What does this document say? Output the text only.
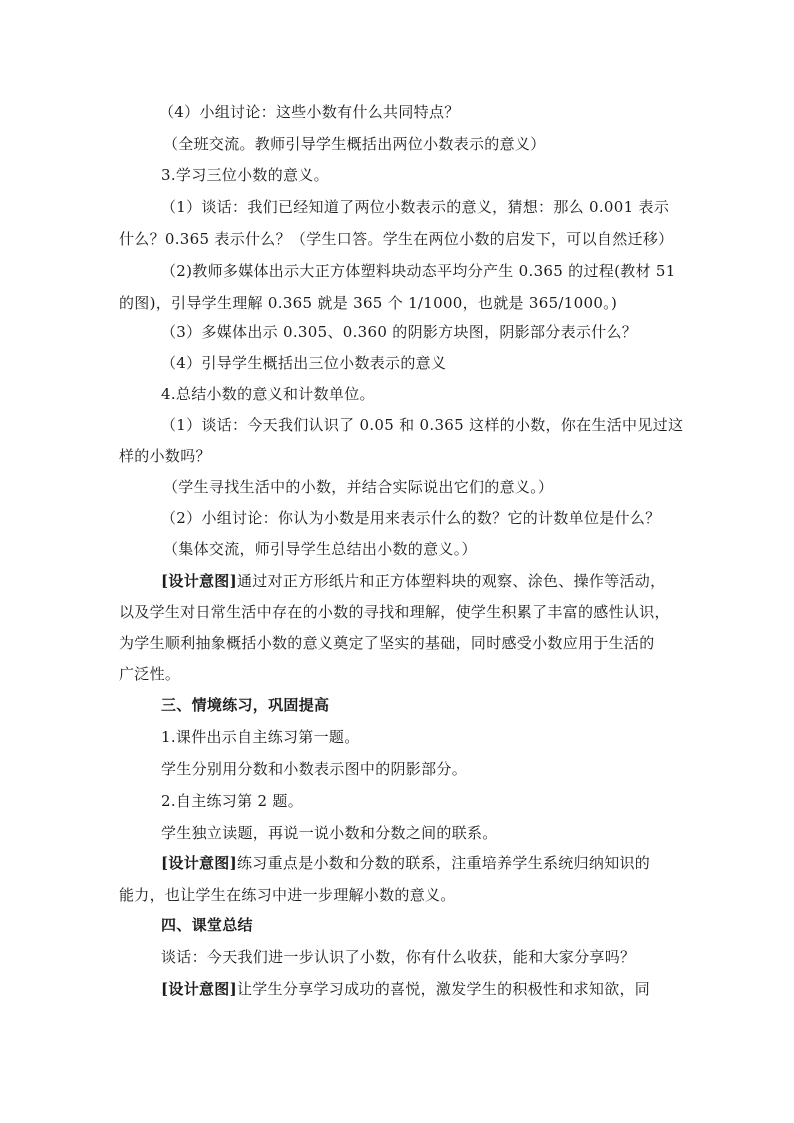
（4）小组讨论：这些小数有什么共同特点？
（全班交流。教师引导学生概括出两位小数表示的意义）
3.学习三位小数的意义。
（1）谈话：我们已经知道了两位小数表示的意义，猜想：那么 0.001 表示
什么？0.365 表示什么？（学生口答。学生在两位小数的启发下，可以自然迁移）
（2)教师多媒体出示大正方体塑料块动态平均分产生 0.365 的过程(教材 51
的图)，引导学生理解 0.365 就是 365 个 1/1000，也就是 365/1000。)
（3）多媒体出示 0.305、0.360 的阴影方块图，阴影部分表示什么？
（4）引导学生概括出三位小数表示的意义
4.总结小数的意义和计数单位。
（1）谈话：今天我们认识了 0.05 和 0.365 这样的小数，你在生活中见过这
样的小数吗？
（学生寻找生活中的小数，并结合实际说出它们的意义。）
（2）小组讨论：你认为小数是用来表示什么的数？它的计数单位是什么？
（集体交流，师引导学生总结出小数的意义。）
[设计意图]通过对正方形纸片和正方体塑料块的观察、涂色、操作等活动，
以及学生对日常生活中存在的小数的寻找和理解，使学生积累了丰富的感性认识，
为学生顺利抽象概括小数的意义奠定了坚实的基础，同时感受小数应用于生活的
广泛性。
三、情境练习，巩固提高
1.课件出示自主练习第一题。
学生分别用分数和小数表示图中的阴影部分。
2.自主练习第 2 题。
学生独立读题，再说一说小数和分数之间的联系。
[设计意图]练习重点是小数和分数的联系，注重培养学生系统归纳知识的
能力，也让学生在练习中进一步理解小数的意义。
四、课堂总结
谈话：今天我们进一步认识了小数，你有什么收获，能和大家分享吗？
[设计意图]让学生分享学习成功的喜悦，激发学生的积极性和求知欲，同
